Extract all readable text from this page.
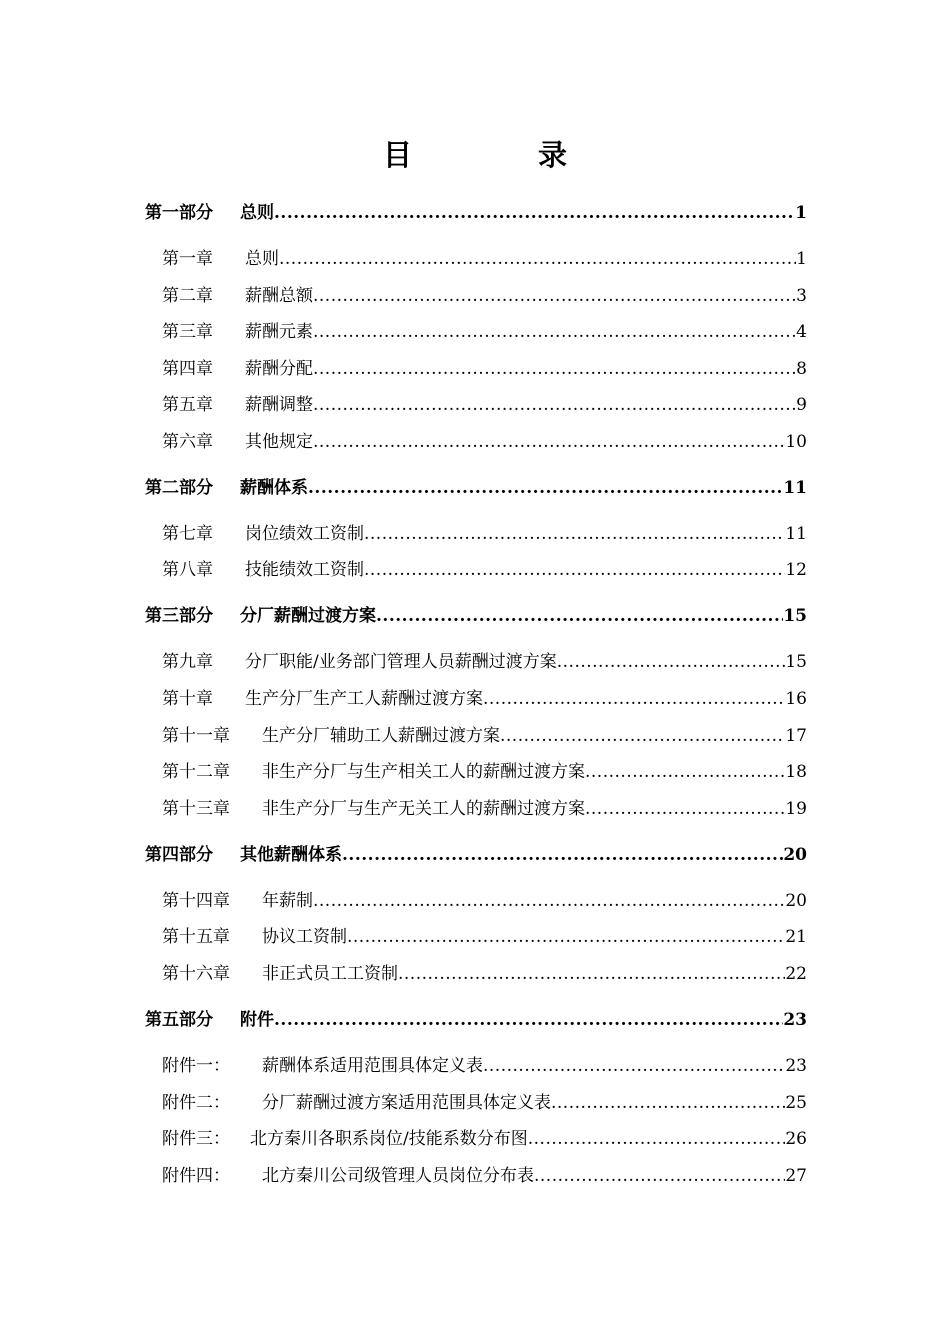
目 录
第一部分	总则 .....	1
第一章	总则 .....	1
第二章	薪酬总额 .....	3
第三章	薪酬元素 .....	4
第四章	薪酬分配 .....	8
第五章	薪酬调整 .....	9
第六章	其他规定 .....	10
第二部分	薪酬体系 .....	11
第七章	岗位绩效工资制 .....	11
第八章	技能绩效工资制 .....	12
第三部分	分厂薪酬过渡方案 .....	15
第九章	分厂职能/业务部门管理人员薪酬过渡方案 .....	15
第十章	生产分厂生产工人薪酬过渡方案 .....	16
第十一章	生产分厂辅助工人薪酬过渡方案 .....	17
第十二章	非生产分厂与生产相关工人的薪酬过渡方案 .....	18
第十三章	非生产分厂与生产无关工人的薪酬过渡方案 .....	19
第四部分	其他薪酬体系 .....	20
第十四章	年薪制 .....	20
第十五章	协议工资制 .....	21
第十六章	非正式员工工资制 .....	22
第五部分	附件 .....	23
附件一：	薪酬体系适用范围具体定义表 .....	23
附件二：	分厂薪酬过渡方案适用范围具体定义表 .....	25
附件三：	北方秦川各职系岗位/技能系数分布图 .....	26
附件四：	北方秦川公司级管理人员岗位分布表 .....	27
